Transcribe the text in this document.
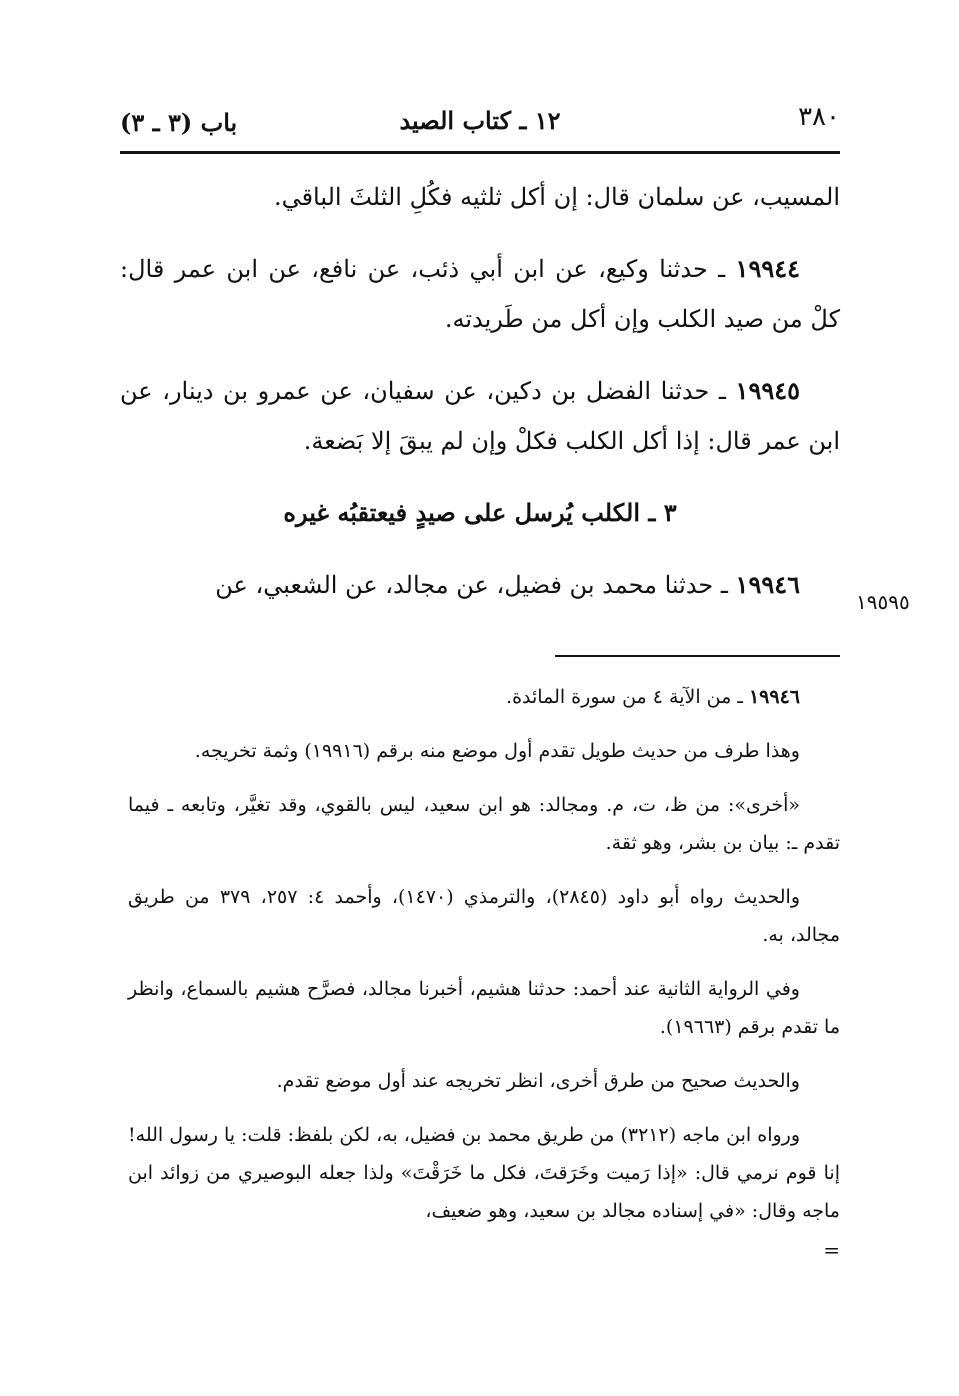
٣٨٠
١٢ ـ كتاب الصيد
باب (٣ ـ ٣)
١٩٥٩٥

المسيب، عن سلمان قال: إن أكل ثلثيه فكُلِ الثلثَ الباقي.

١٩٩٤٤ ـ حدثنا وكيع، عن ابن أبي ذئب، عن نافع، عن ابن عمر قال: كلْ من صيد الكلب وإن أكل من طَريدته.

١٩٩٤٥ ـ حدثنا الفضل بن دكين، عن سفيان، عن عمرو بن دينار، عن ابن عمر قال: إذا أكل الكلب فكلْ وإن لم يبقَ إلا بَضعة.

٣ ـ الكلب يُرسل على صيدٍ فيعتقبُه غيره

١٩٩٤٦ ـ حدثنا محمد بن فضيل، عن مجالد، عن الشعبي، عن

١٩٩٤٦ ـ من الآية ٤ من سورة المائدة.

وهذا طرف من حديث طويل تقدم أول موضع منه برقم (١٩٩١٦) وثمة تخريجه.

«أخرى»: من ظ، ت، م. ومجالد: هو ابن سعيد، ليس بالقوي، وقد تغيَّر، وتابعه ـ فيما تقدم ـ: بيان بن بشر، وهو ثقة.

والحديث رواه أبو داود (٢٨٤٥)، والترمذي (١٤٧٠)، وأحمد ٤: ٢٥٧، ٣٧٩ من طريق مجالد، به.

وفي الرواية الثانية عند أحمد: حدثنا هشيم، أخبرنا مجالد، فصرَّح هشيم بالسماع، وانظر ما تقدم برقم (١٩٦٦٣).

والحديث صحيح من طرق أخرى، انظر تخريجه عند أول موضع تقدم.

ورواه ابن ماجه (٣٢١٢) من طريق محمد بن فضيل، به، لكن بلفظ: قلت: يا رسول الله! إنا قوم نرمي قال: «إذا رَميت وخَرَقتَ، فكل ما خَرَقْتَ» ولذا جعله البوصيري من زوائد ابن ماجه وقال: «في إسناده مجالد بن سعيد، وهو ضعيف،

=
